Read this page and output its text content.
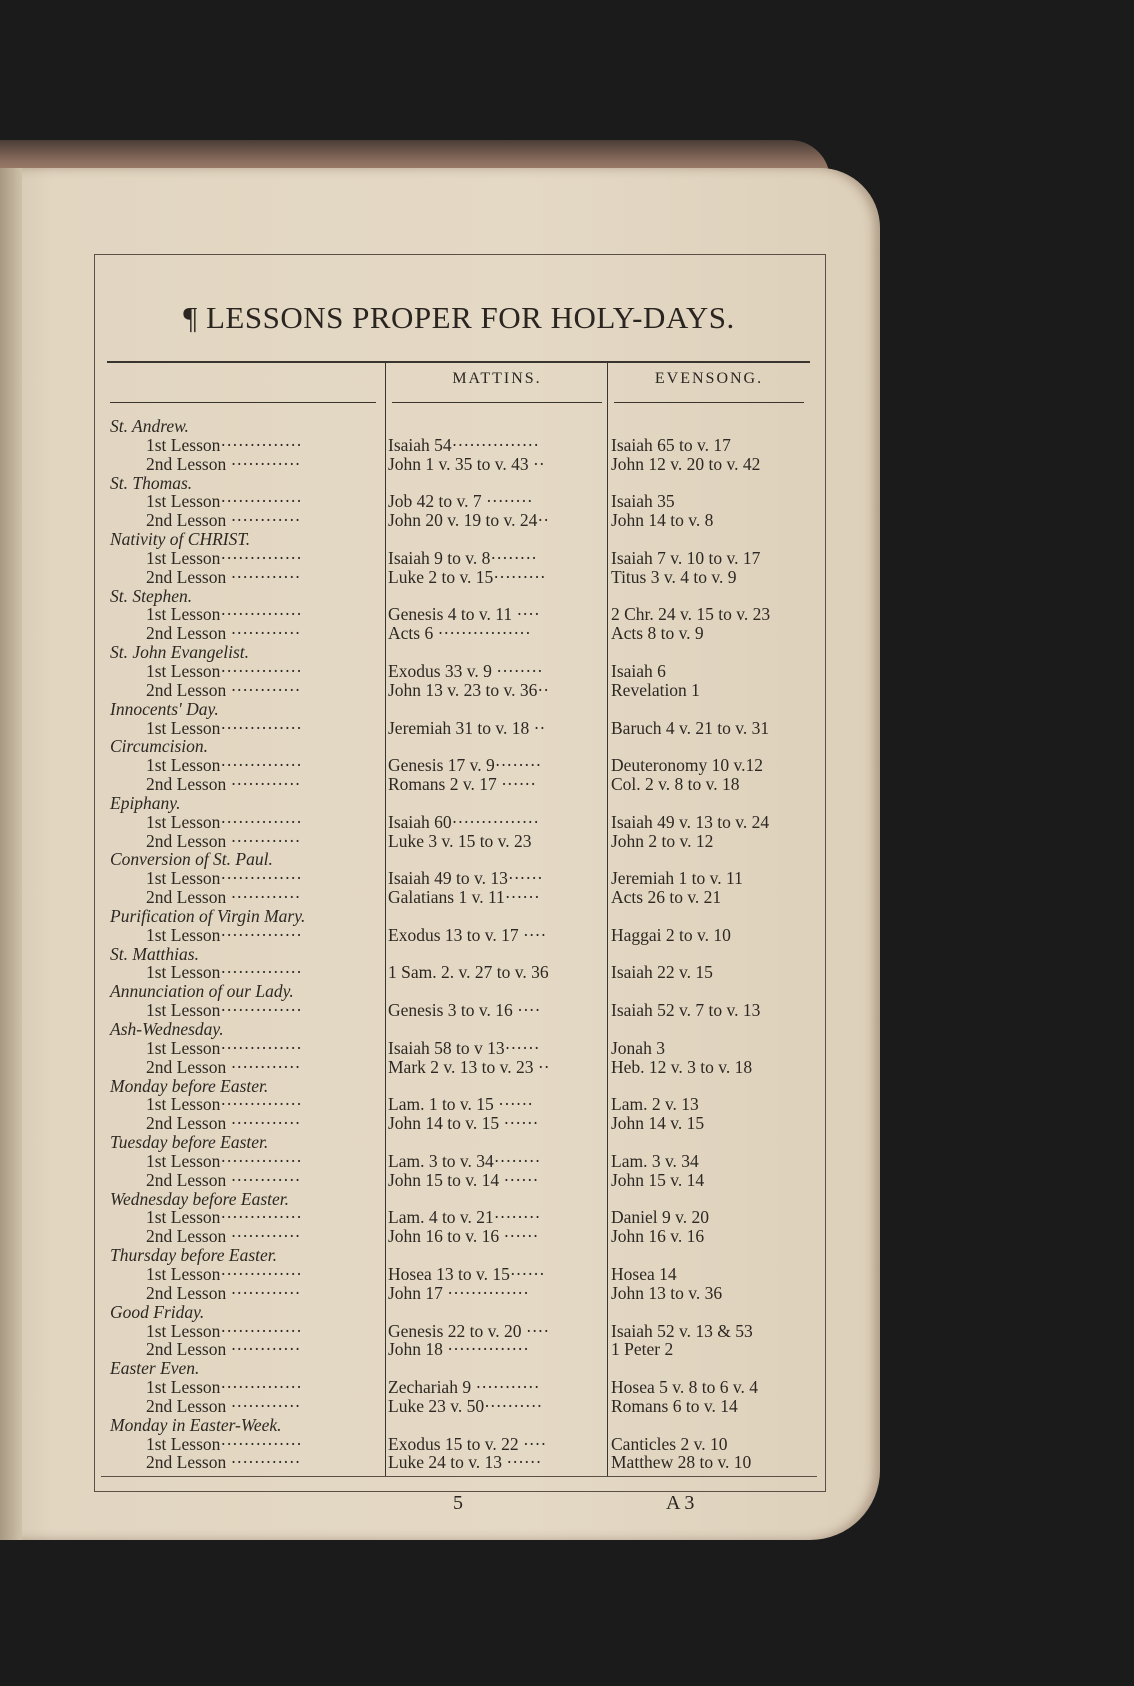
¶ LESSONS PROPER FOR HOLY-DAYS.
MATTINS.	EVENSONG.
St. Andrew.
1st Lesson··············	Isaiah 54···············	Isaiah 65 to v. 17
2nd Lesson ············	John 1 v. 35 to v. 43 ··	John 12 v. 20 to v. 42
St. Thomas.
1st Lesson··············	Job 42 to v. 7 ········	Isaiah 35
2nd Lesson ············	John 20 v. 19 to v. 24··	John 14 to v. 8
Nativity of CHRIST.
1st Lesson··············	Isaiah 9 to v. 8········	Isaiah 7 v. 10 to v. 17
2nd Lesson ············	Luke 2 to v. 15·········	Titus 3 v. 4 to v. 9
St. Stephen.
1st Lesson··············	Genesis 4 to v. 11 ····	2 Chr. 24 v. 15 to v. 23
2nd Lesson ············	Acts 6 ················	Acts 8 to v. 9
St. John Evangelist.
1st Lesson··············	Exodus 33 v. 9 ········	Isaiah 6
2nd Lesson ············	John 13 v. 23 to v. 36··	Revelation 1
Innocents' Day.
1st Lesson··············	Jeremiah 31 to v. 18 ··	Baruch 4 v. 21 to v. 31
Circumcision.
1st Lesson··············	Genesis 17 v. 9········	Deuteronomy 10 v.12
2nd Lesson ············	Romans 2 v. 17 ······	Col. 2 v. 8 to v. 18
Epiphany.
1st Lesson··············	Isaiah 60···············	Isaiah 49 v. 13 to v. 24
2nd Lesson ············	Luke 3 v. 15 to v. 23	John 2 to v. 12
Conversion of St. Paul.
1st Lesson··············	Isaiah 49 to v. 13······	Jeremiah 1 to v. 11
2nd Lesson ············	Galatians 1 v. 11······	Acts 26 to v. 21
Purification of Virgin Mary.
1st Lesson··············	Exodus 13 to v. 17 ····	Haggai 2 to v. 10
St. Matthias.
1st Lesson··············	1 Sam. 2. v. 27 to v. 36	Isaiah 22 v. 15
Annunciation of our Lady.
1st Lesson··············	Genesis 3 to v. 16 ····	Isaiah 52 v. 7 to v. 13
Ash-Wednesday.
1st Lesson··············	Isaiah 58 to v 13······	Jonah 3
2nd Lesson ············	Mark 2 v. 13 to v. 23 ··	Heb. 12 v. 3 to v. 18
Monday before Easter.
1st Lesson··············	Lam. 1 to v. 15 ······	Lam. 2 v. 13
2nd Lesson ············	John 14 to v. 15 ······	John 14 v. 15
Tuesday before Easter.
1st Lesson··············	Lam. 3 to v. 34········	Lam. 3 v. 34
2nd Lesson ············	John 15 to v. 14 ······	John 15 v. 14
Wednesday before Easter.
1st Lesson··············	Lam. 4 to v. 21········	Daniel 9 v. 20
2nd Lesson ············	John 16 to v. 16 ······	John 16 v. 16
Thursday before Easter.
1st Lesson··············	Hosea 13 to v. 15······	Hosea 14
2nd Lesson ············	John 17 ··············	John 13 to v. 36
Good Friday.
1st Lesson··············	Genesis 22 to v. 20 ····	Isaiah 52 v. 13 & 53
2nd Lesson ············	John 18 ··············	1 Peter 2
Easter Even.
1st Lesson··············	Zechariah 9 ···········	Hosea 5 v. 8 to 6 v. 4
2nd Lesson ············	Luke 23 v. 50··········	Romans 6 to v. 14
Monday in Easter-Week.
1st Lesson··············	Exodus 15 to v. 22 ····	Canticles 2 v. 10
2nd Lesson ············	Luke 24 to v. 13 ······	Matthew 28 to v. 10
5	A 3
